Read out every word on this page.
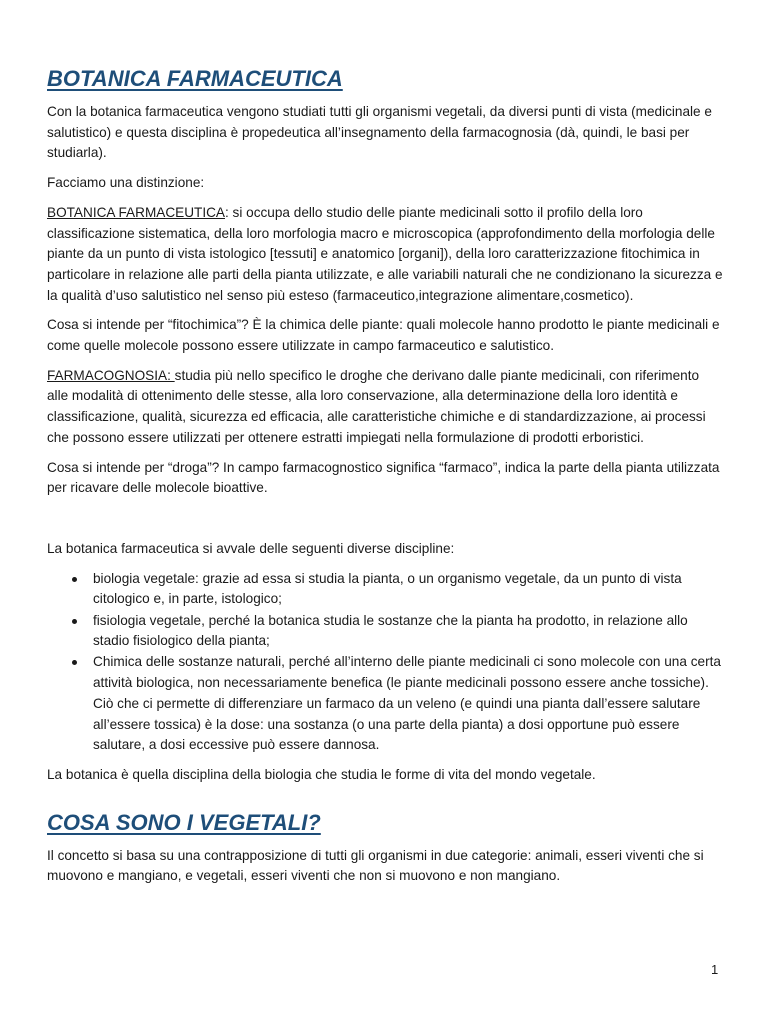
BOTANICA FARMACEUTICA

Con la botanica farmaceutica vengono studiati tutti gli organismi vegetali, da diversi punti di vista (medicinale e salutistico) e questa disciplina è propedeutica all’insegnamento della farmacognosia (dà, quindi, le basi per studiarla).

Facciamo una distinzione:

BOTANICA FARMACEUTICA: si occupa dello studio delle piante medicinali sotto il profilo della loro classificazione sistematica, della loro morfologia macro e microscopica (approfondimento della morfologia delle piante da un punto di vista istologico [tessuti] e anatomico [organi]), della loro caratterizzazione fitochimica in particolare in relazione alle parti della pianta utilizzate, e alle variabili naturali che ne condizionano la sicurezza e la qualità d’uso salutistico nel senso più esteso (farmaceutico,integrazione alimentare,cosmetico).

Cosa si intende per “fitochimica”? È la chimica delle piante: quali molecole hanno prodotto le piante medicinali e come quelle molecole possono essere utilizzate in campo farmaceutico e salutistico.

FARMACOGNOSIA: studia più nello specifico le droghe che derivano dalle piante medicinali, con riferimento alle modalità di ottenimento delle stesse, alla loro conservazione, alla determinazione della loro identità e classificazione, qualità, sicurezza ed efficacia, alle caratteristiche chimiche e di standardizzazione, ai processi che possono essere utilizzati per ottenere estratti impiegati nella formulazione di prodotti erboristici.

Cosa si intende per “droga”? In campo farmacognostico significa “farmaco”, indica la parte della pianta utilizzata per ricavare delle molecole bioattive.

La botanica farmaceutica si avvale delle seguenti diverse discipline:

biologia vegetale: grazie ad essa si studia la pianta, o un organismo vegetale, da un punto di vista citologico e, in parte, istologico;
fisiologia vegetale, perché la botanica studia le sostanze che la pianta ha prodotto, in relazione allo stadio fisiologico della pianta;
Chimica delle sostanze naturali, perché all’interno delle piante medicinali ci sono molecole con una certa attività biologica, non necessariamente benefica (le piante medicinali possono essere anche tossiche). Ciò che ci permette di differenziare un farmaco da un veleno (e quindi una pianta dall’essere salutare all’essere tossica) è la dose: una sostanza (o una parte della pianta) a dosi opportune può essere salutare, a dosi eccessive può essere dannosa.

La botanica è quella disciplina della biologia che studia le forme di vita del mondo vegetale.

COSA SONO I VEGETALI?

Il concetto si basa su una contrapposizione di tutti gli organismi in due categorie: animali, esseri viventi che si muovono e mangiano, e vegetali, esseri viventi che non si muovono e non mangiano.

1
